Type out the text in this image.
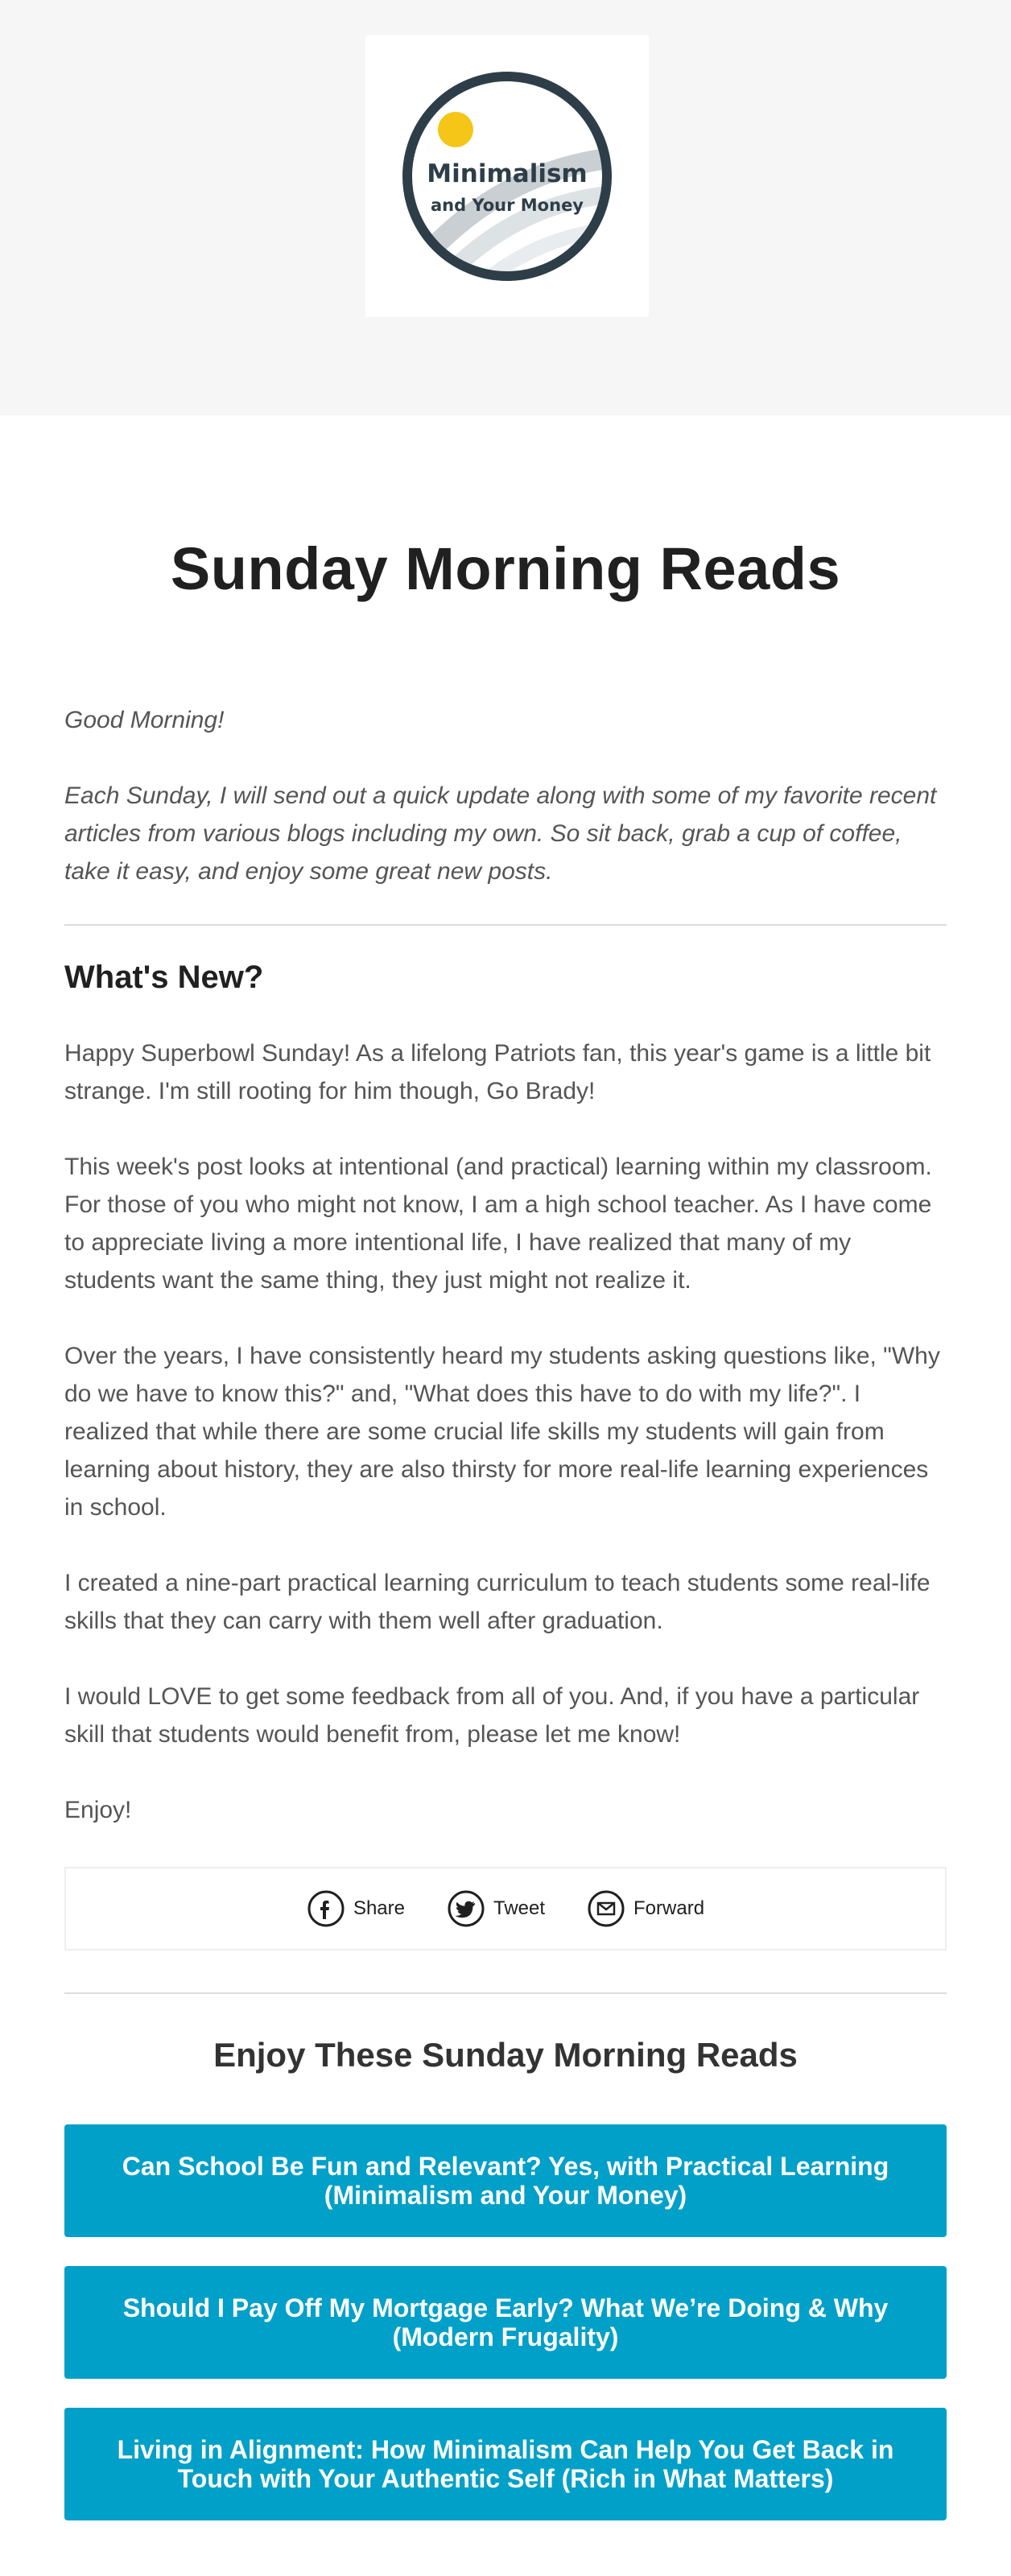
Minimalism
and Your Money
Sunday Morning Reads

Good Morning!

Each Sunday, I will send out a quick update along with some of my favorite recent articles from various blogs including my own. So sit back, grab a cup of coffee, take it easy, and enjoy some great new posts.

What's New?

Happy Superbowl Sunday! As a lifelong Patriots fan, this year's game is a little bit strange. I'm still rooting for him though, Go Brady!

This week's post looks at intentional (and practical) learning within my classroom. For those of you who might not know, I am a high school teacher. As I have come to appreciate living a more intentional life, I have realized that many of my students want the same thing, they just might not realize it.

Over the years, I have consistently heard my students asking questions like, "Why do we have to know this?" and, "What does this have to do with my life?". I realized that while there are some crucial life skills my students will gain from learning about history, they are also thirsty for more real-life learning experiences in school.

I created a nine-part practical learning curriculum to teach students some real-life skills that they can carry with them well after graduation.

I would LOVE to get some feedback from all of you. And, if you have a particular skill that students would benefit from, please let me know!

Enjoy!

Share	Tweet	Forward
Enjoy These Sunday Morning Reads
Can School Be Fun and Relevant? Yes, with Practical Learning
(Minimalism and Your Money)
Should I Pay Off My Mortgage Early? What We’re Doing & Why
(Modern Frugality)
Living in Alignment: How Minimalism Can Help You Get Back in
Touch with Your Authentic Self (Rich in What Matters)
